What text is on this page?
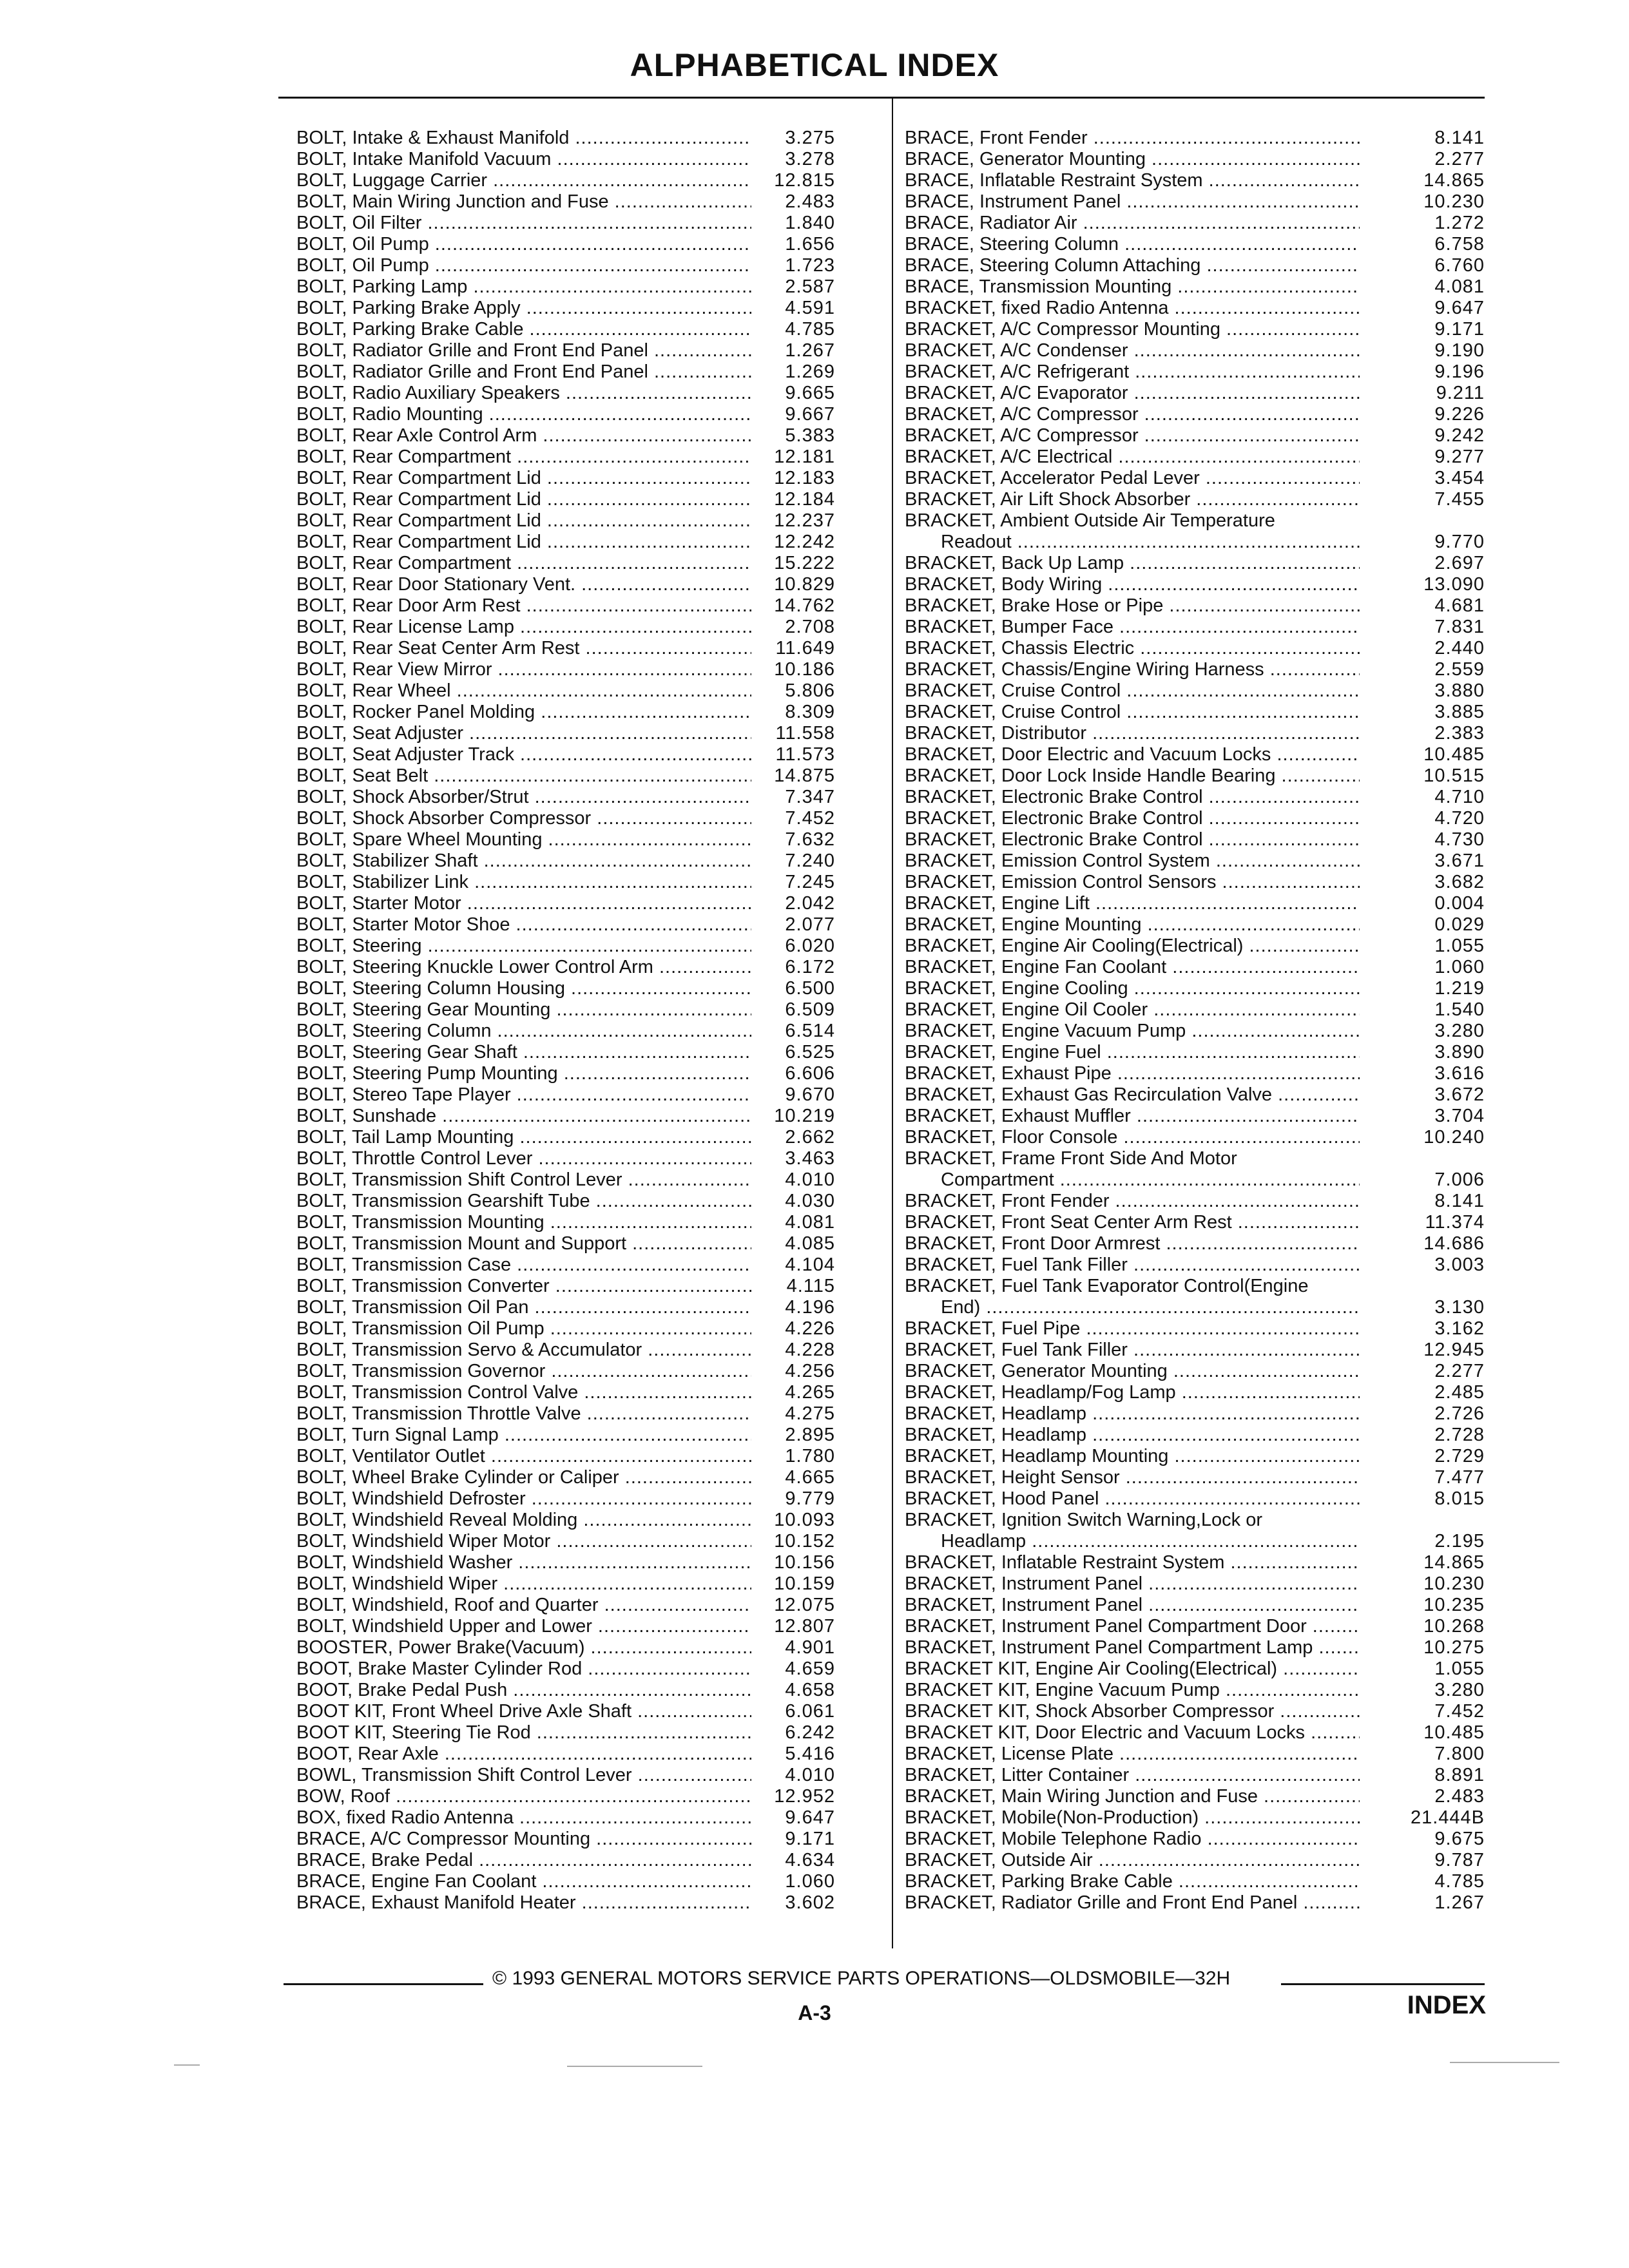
ALPHABETICAL INDEX
BOLT, Intake & Exhaust Manifold .....	3.275
BOLT, Intake Manifold Vacuum .....	3.278
BOLT, Luggage Carrier .....	12.815
BOLT, Main Wiring Junction and Fuse .....	2.483
BOLT, Oil Filter .....	1.840
BOLT, Oil Pump .....	1.656
BOLT, Oil Pump .....	1.723
BOLT, Parking Lamp .....	2.587
BOLT, Parking Brake Apply .....	4.591
BOLT, Parking Brake Cable .....	4.785
BOLT, Radiator Grille and Front End Panel .....	1.267
BOLT, Radiator Grille and Front End Panel .....	1.269
BOLT, Radio Auxiliary Speakers .....	9.665
BOLT, Radio Mounting .....	9.667
BOLT, Rear Axle Control Arm .....	5.383
BOLT, Rear Compartment .....	12.181
BOLT, Rear Compartment Lid .....	12.183
BOLT, Rear Compartment Lid .....	12.184
BOLT, Rear Compartment Lid .....	12.237
BOLT, Rear Compartment Lid .....	12.242
BOLT, Rear Compartment .....	15.222
BOLT, Rear Door Stationary Vent. .....	10.829
BOLT, Rear Door Arm Rest .....	14.762
BOLT, Rear License Lamp .....	2.708
BOLT, Rear Seat Center Arm Rest .....	11.649
BOLT, Rear View Mirror .....	10.186
BOLT, Rear Wheel .....	5.806
BOLT, Rocker Panel Molding .....	8.309
BOLT, Seat Adjuster .....	11.558
BOLT, Seat Adjuster Track .....	11.573
BOLT, Seat Belt .....	14.875
BOLT, Shock Absorber/Strut .....	7.347
BOLT, Shock Absorber Compressor .....	7.452
BOLT, Spare Wheel Mounting .....	7.632
BOLT, Stabilizer Shaft .....	7.240
BOLT, Stabilizer Link .....	7.245
BOLT, Starter Motor .....	2.042
BOLT, Starter Motor Shoe .....	2.077
BOLT, Steering .....	6.020
BOLT, Steering Knuckle Lower Control Arm .....	6.172
BOLT, Steering Column Housing .....	6.500
BOLT, Steering Gear Mounting .....	6.509
BOLT, Steering Column .....	6.514
BOLT, Steering Gear Shaft .....	6.525
BOLT, Steering Pump Mounting .....	6.606
BOLT, Stereo Tape Player .....	9.670
BOLT, Sunshade .....	10.219
BOLT, Tail Lamp Mounting .....	2.662
BOLT, Throttle Control Lever .....	3.463
BOLT, Transmission Shift Control Lever .....	4.010
BOLT, Transmission Gearshift Tube .....	4.030
BOLT, Transmission Mounting .....	4.081
BOLT, Transmission Mount and Support .....	4.085
BOLT, Transmission Case .....	4.104
BOLT, Transmission Converter .....	4.115
BOLT, Transmission Oil Pan .....	4.196
BOLT, Transmission Oil Pump .....	4.226
BOLT, Transmission Servo & Accumulator .....	4.228
BOLT, Transmission Governor .....	4.256
BOLT, Transmission Control Valve .....	4.265
BOLT, Transmission Throttle Valve .....	4.275
BOLT, Turn Signal Lamp .....	2.895
BOLT, Ventilator Outlet .....	1.780
BOLT, Wheel Brake Cylinder or Caliper .....	4.665
BOLT, Windshield Defroster .....	9.779
BOLT, Windshield Reveal Molding .....	10.093
BOLT, Windshield Wiper Motor .....	10.152
BOLT, Windshield Washer .....	10.156
BOLT, Windshield Wiper .....	10.159
BOLT, Windshield, Roof and Quarter .....	12.075
BOLT, Windshield Upper and Lower .....	12.807
BOOSTER, Power Brake(Vacuum) .....	4.901
BOOT, Brake Master Cylinder Rod .....	4.659
BOOT, Brake Pedal Push .....	4.658
BOOT KIT, Front Wheel Drive Axle Shaft .....	6.061
BOOT KIT, Steering Tie Rod .....	6.242
BOOT, Rear Axle .....	5.416
BOWL, Transmission Shift Control Lever .....	4.010
BOW, Roof .....	12.952
BOX, fixed Radio Antenna .....	9.647
BRACE, A/C Compressor Mounting .....	9.171
BRACE, Brake Pedal .....	4.634
BRACE, Engine Fan Coolant .....	1.060
BRACE, Exhaust Manifold Heater .....	3.602
BRACE, Front Fender .....	8.141
BRACE, Generator Mounting .....	2.277
BRACE, Inflatable Restraint System .....	14.865
BRACE, Instrument Panel .....	10.230
BRACE, Radiator Air .....	1.272
BRACE, Steering Column .....	6.758
BRACE, Steering Column Attaching .....	6.760
BRACE, Transmission Mounting .....	4.081
BRACKET, fixed Radio Antenna .....	9.647
BRACKET, A/C Compressor Mounting .....	9.171
BRACKET, A/C Condenser .....	9.190
BRACKET, A/C Refrigerant .....	9.196
BRACKET, A/C Evaporator .....	9.211
BRACKET, A/C Compressor .....	9.226
BRACKET, A/C Compressor .....	9.242
BRACKET, A/C Electrical .....	9.277
BRACKET, Accelerator Pedal Lever .....	3.454
BRACKET, Air Lift Shock Absorber .....	7.455
BRACKET, Ambient Outside Air Temperature
Readout .....	9.770
BRACKET, Back Up Lamp .....	2.697
BRACKET, Body Wiring .....	13.090
BRACKET, Brake Hose or Pipe .....	4.681
BRACKET, Bumper Face .....	7.831
BRACKET, Chassis Electric .....	2.440
BRACKET, Chassis/Engine Wiring Harness .....	2.559
BRACKET, Cruise Control .....	3.880
BRACKET, Cruise Control .....	3.885
BRACKET, Distributor .....	2.383
BRACKET, Door Electric and Vacuum Locks .....	10.485
BRACKET, Door Lock Inside Handle Bearing .....	10.515
BRACKET, Electronic Brake Control .....	4.710
BRACKET, Electronic Brake Control .....	4.720
BRACKET, Electronic Brake Control .....	4.730
BRACKET, Emission Control System .....	3.671
BRACKET, Emission Control Sensors .....	3.682
BRACKET, Engine Lift .....	0.004
BRACKET, Engine Mounting .....	0.029
BRACKET, Engine Air Cooling(Electrical) .....	1.055
BRACKET, Engine Fan Coolant .....	1.060
BRACKET, Engine Cooling .....	1.219
BRACKET, Engine Oil Cooler .....	1.540
BRACKET, Engine Vacuum Pump .....	3.280
BRACKET, Engine Fuel .....	3.890
BRACKET, Exhaust Pipe .....	3.616
BRACKET, Exhaust Gas Recirculation Valve .....	3.672
BRACKET, Exhaust Muffler .....	3.704
BRACKET, Floor Console .....	10.240
BRACKET, Frame Front Side And Motor
Compartment .....	7.006
BRACKET, Front Fender .....	8.141
BRACKET, Front Seat Center Arm Rest .....	11.374
BRACKET, Front Door Armrest .....	14.686
BRACKET, Fuel Tank Filler .....	3.003
BRACKET, Fuel Tank Evaporator Control(Engine
End) .....	3.130
BRACKET, Fuel Pipe .....	3.162
BRACKET, Fuel Tank Filler .....	12.945
BRACKET, Generator Mounting .....	2.277
BRACKET, Headlamp/Fog Lamp .....	2.485
BRACKET, Headlamp .....	2.726
BRACKET, Headlamp .....	2.728
BRACKET, Headlamp Mounting .....	2.729
BRACKET, Height Sensor .....	7.477
BRACKET, Hood Panel .....	8.015
BRACKET, Ignition Switch Warning,Lock or
Headlamp .....	2.195
BRACKET, Inflatable Restraint System .....	14.865
BRACKET, Instrument Panel .....	10.230
BRACKET, Instrument Panel .....	10.235
BRACKET, Instrument Panel Compartment Door .....	10.268
BRACKET, Instrument Panel Compartment Lamp .....	10.275
BRACKET KIT, Engine Air Cooling(Electrical) .....	1.055
BRACKET KIT, Engine Vacuum Pump .....	3.280
BRACKET KIT, Shock Absorber Compressor .....	7.452
BRACKET KIT, Door Electric and Vacuum Locks .....	10.485
BRACKET, License Plate .....	7.800
BRACKET, Litter Container .....	8.891
BRACKET, Main Wiring Junction and Fuse .....	2.483
BRACKET, Mobile(Non-Production) .....	21.444B
BRACKET, Mobile Telephone Radio .....	9.675
BRACKET, Outside Air .....	9.787
BRACKET, Parking Brake Cable .....	4.785
BRACKET, Radiator Grille and Front End Panel .....	1.267
© 1993 GENERAL MOTORS SERVICE PARTS OPERATIONS—OLDSMOBILE—32H
A-3	INDEX
